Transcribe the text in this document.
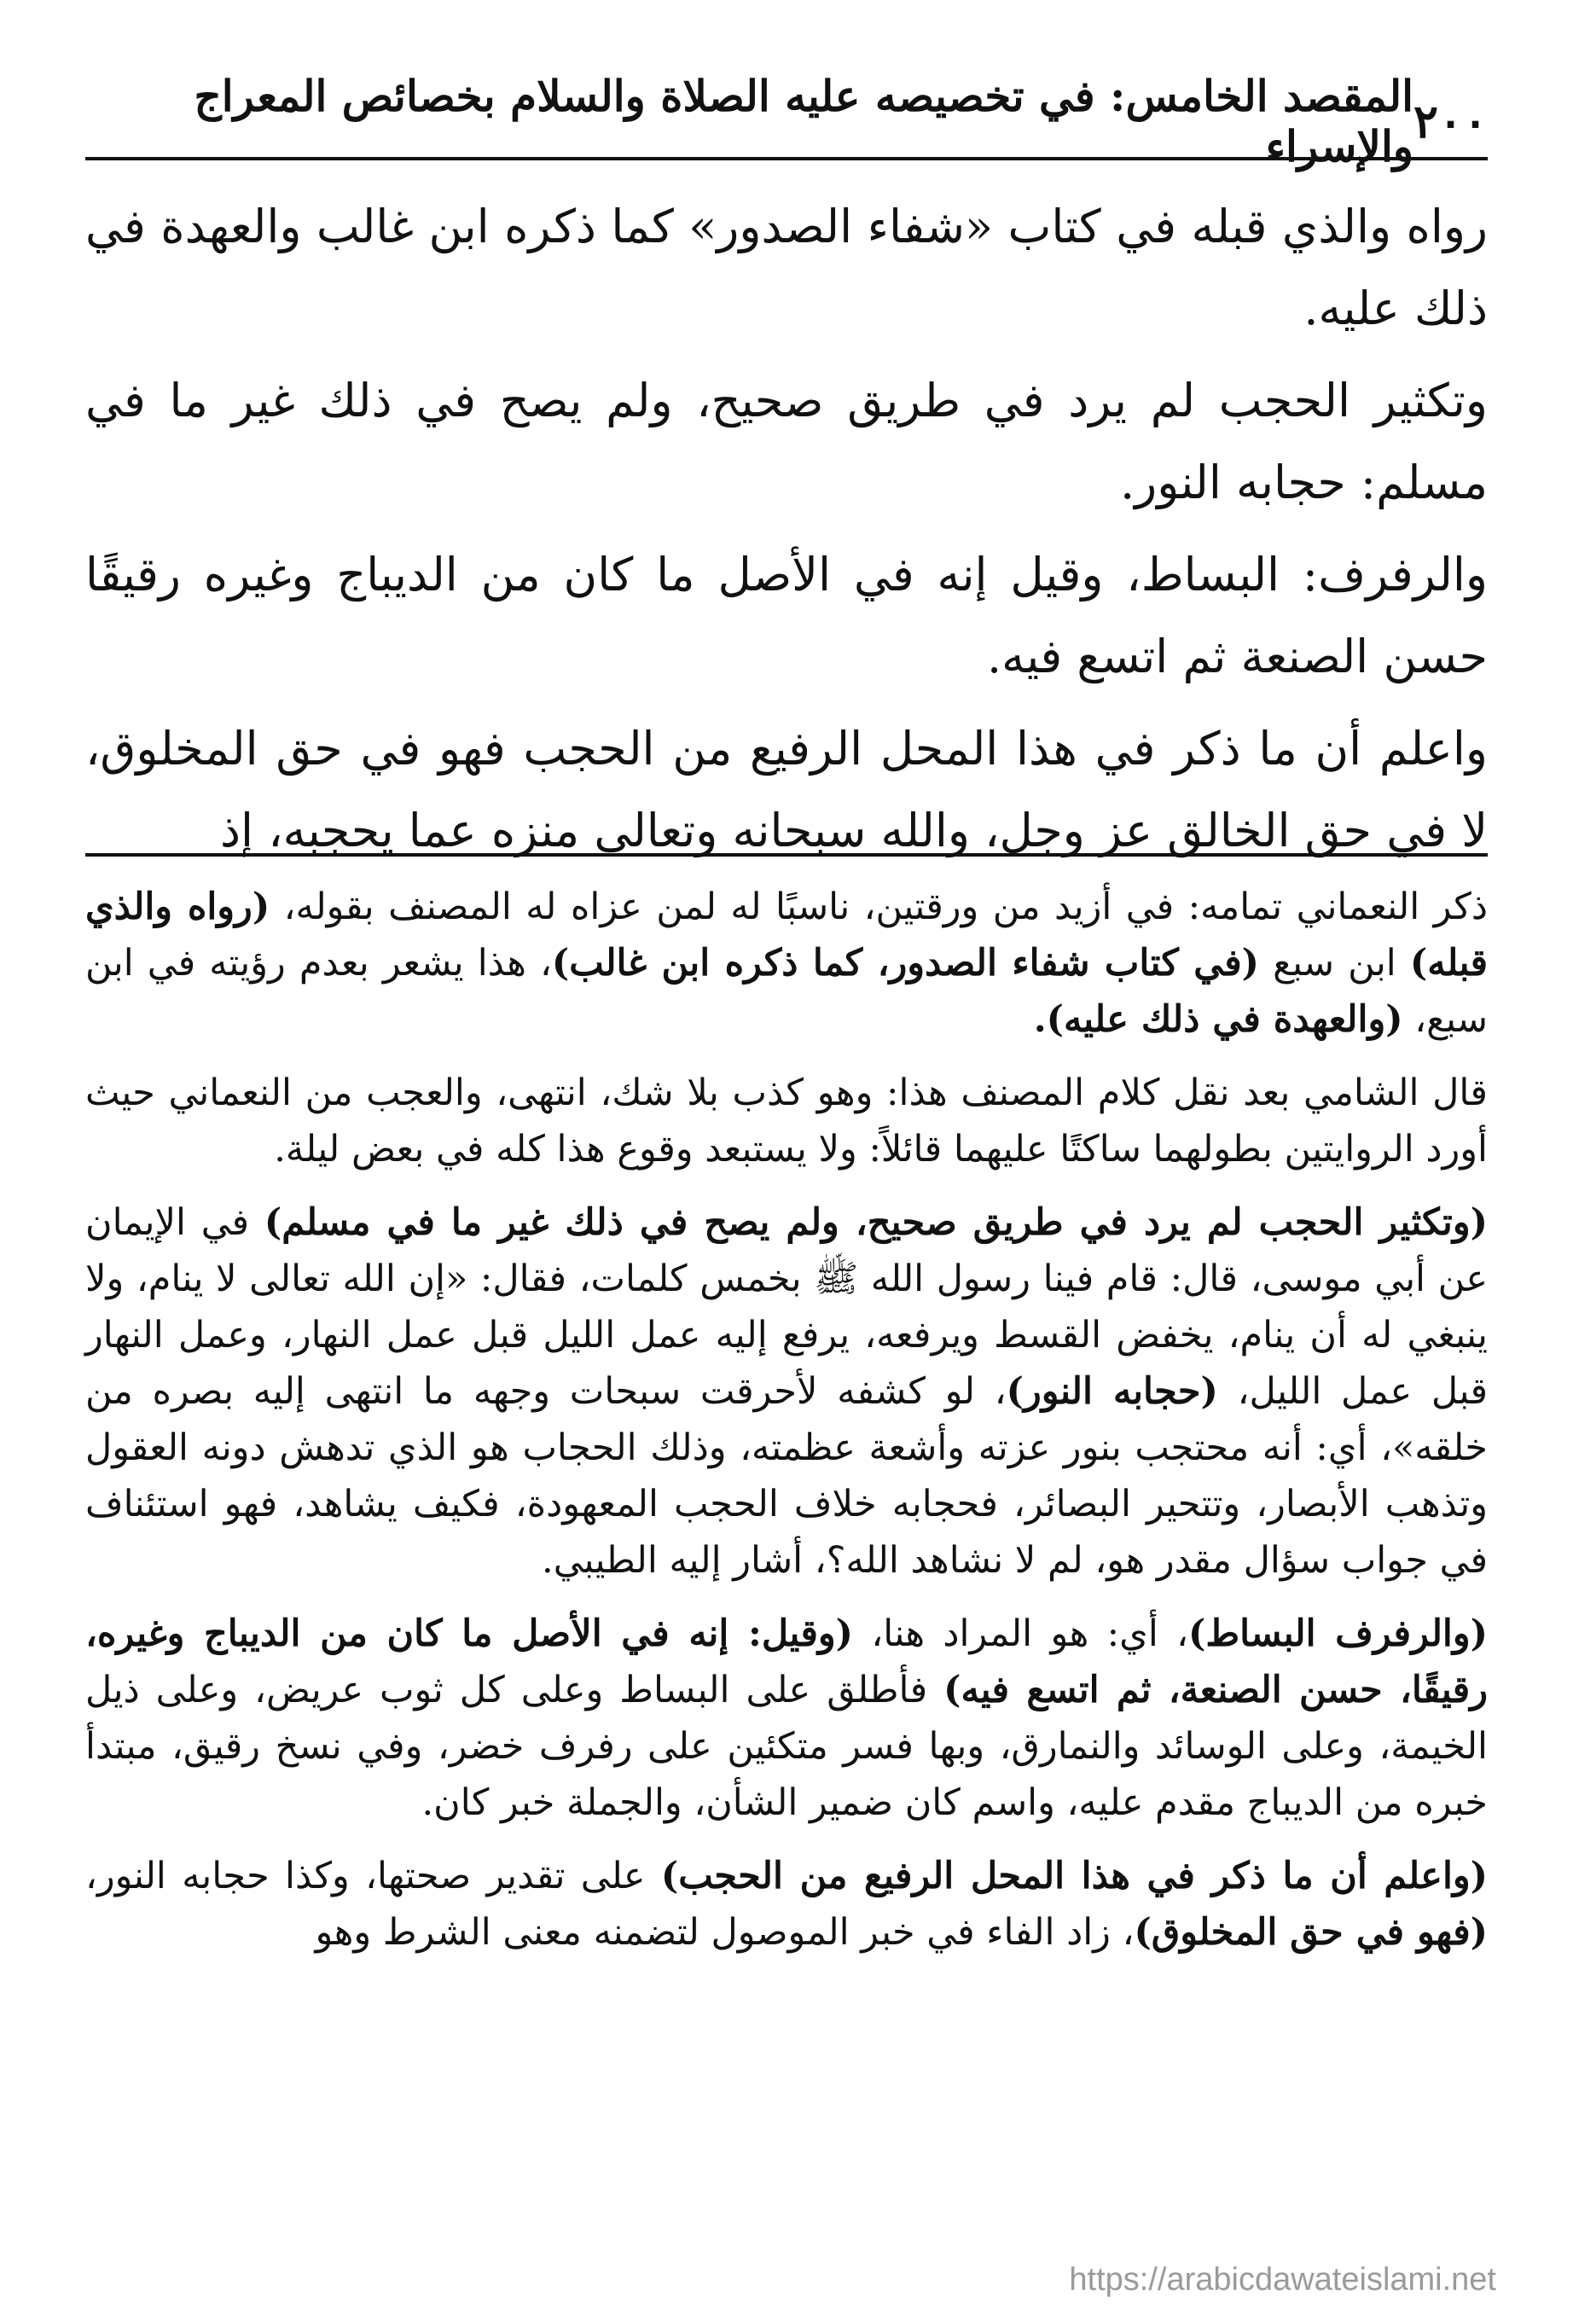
٢٠٠
المقصد الخامس: في تخصيصه عليه الصلاة والسلام بخصائص المعراج والإسراء

رواه والذي قبله في كتاب «شفاء الصدور» كما ذكره ابن غالب والعهدة في ذلك عليه.

وتكثير الحجب لم يرد في طريق صحيح، ولم يصح في ذلك غير ما في مسلم: حجابه النور.

والرفرف: البساط، وقيل إنه في الأصل ما كان من الديباج وغيره رقيقًا حسن الصنعة ثم اتسع فيه.

واعلم أن ما ذكر في هذا المحل الرفيع من الحجب فهو في حق المخلوق، لا في حق الخالق عز وجل، والله سبحانه وتعالى منزه عما يحجبه، إذ

ذكر النعماني تمامه: في أزيد من ورقتين، ناسبًا له لمن عزاه له المصنف بقوله، (رواه والذي قبله) ابن سبع (في كتاب شفاء الصدور، كما ذكره ابن غالب)، هذا يشعر بعدم رؤيته في ابن سبع، (والعهدة في ذلك عليه).

قال الشامي بعد نقل كلام المصنف هذا: وهو كذب بلا شك، انتهى، والعجب من النعماني حيث أورد الروايتين بطولهما ساكتًا عليهما قائلاً: ولا يستبعد وقوع هذا كله في بعض ليلة.

(وتكثير الحجب لم يرد في طريق صحيح، ولم يصح في ذلك غير ما في مسلم) في الإيمان عن أبي موسى، قال: قام فينا رسول الله ﷺ بخمس كلمات، فقال: «إن الله تعالى لا ينام، ولا ينبغي له أن ينام، يخفض القسط ويرفعه، يرفع إليه عمل الليل قبل عمل النهار، وعمل النهار قبل عمل الليل، (حجابه النور)، لو كشفه لأحرقت سبحات وجهه ما انتهى إليه بصره من خلقه»، أي: أنه محتجب بنور عزته وأشعة عظمته، وذلك الحجاب هو الذي تدهش دونه العقول وتذهب الأبصار، وتتحير البصائر، فحجابه خلاف الحجب المعهودة، فكيف يشاهد، فهو استئناف في جواب سؤال مقدر هو، لم لا نشاهد الله؟، أشار إليه الطيبي.

(والرفرف البساط)، أي: هو المراد هنا، (وقيل: إنه في الأصل ما كان من الديباج وغيره، رقيقًا، حسن الصنعة، ثم اتسع فيه) فأطلق على البساط وعلى كل ثوب عريض، وعلى ذيل الخيمة، وعلى الوسائد والنمارق، وبها فسر متكئين على رفرف خضر، وفي نسخ رقيق، مبتدأ خبره من الديباج مقدم عليه، واسم كان ضمير الشأن، والجملة خبر كان.

(واعلم أن ما ذكر في هذا المحل الرفيع من الحجب) على تقدير صحتها، وكذا حجابه النور، (فهو في حق المخلوق)، زاد الفاء في خبر الموصول لتضمنه معنى الشرط وهو

https://arabicdawateislami.net
